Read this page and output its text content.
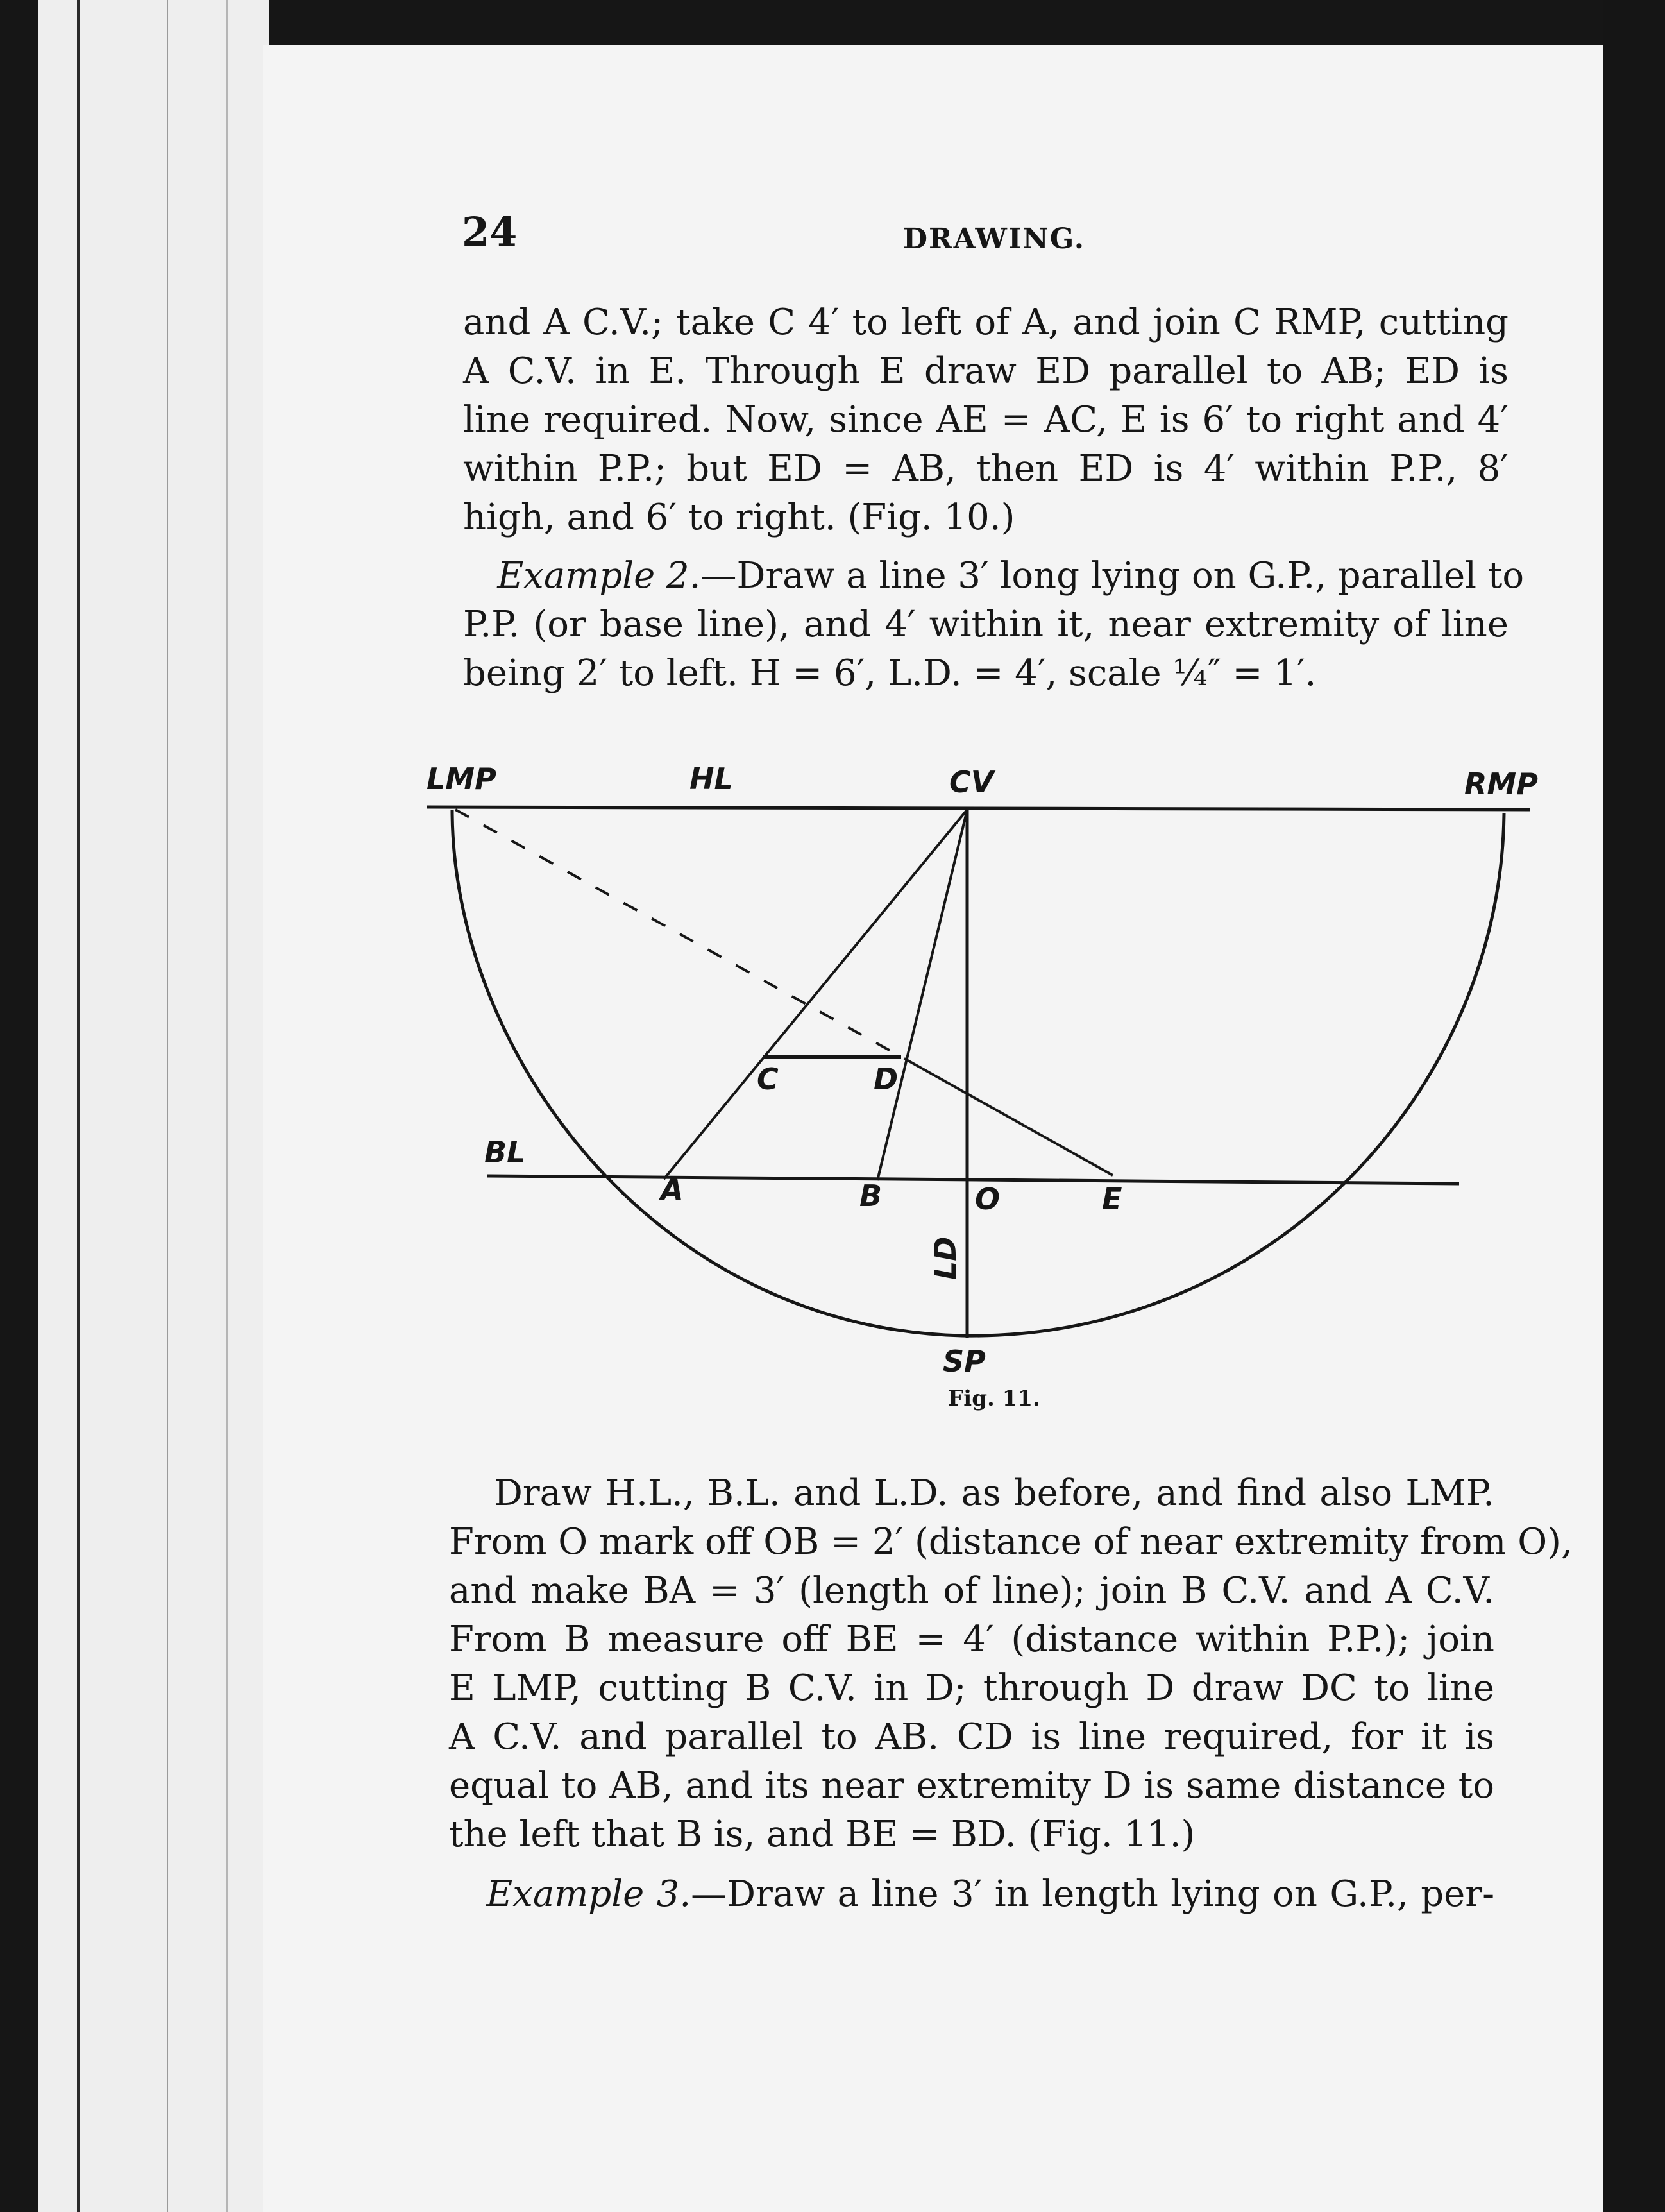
24	DRAWING.
and A C.V.; take C 4′ to left of A, and join C RMP, cutting
A C.V. in E. Through E draw ED parallel to AB; ED is
line required. Now, since AE = AC, E is 6′ to right and 4′
within P.P.; but ED = AB, then ED is 4′ within P.P., 8′
high, and 6′ to right. (Fig. 10.)
Example 2.—Draw a line 3′ long lying on G.P., parallel to
P.P. (or base line), and 4′ within it, near extremity of line
being 2′ to left. H = 6′, L.D. = 4′, scale ¼″ = 1′.
LMP	HL	CV	RMP
BL
C	D
A	B	O	E
LD
SP
Fig. 11.
Draw H.L., B.L. and L.D. as before, and find also LMP.
From O mark off OB = 2′ (distance of near extremity from O),
and make BA = 3′ (length of line); join B C.V. and A C.V.
From B measure off BE = 4′ (distance within P.P.); join
E LMP, cutting B C.V. in D; through D draw DC to line
A C.V. and parallel to AB. CD is line required, for it is
equal to AB, and its near extremity D is same distance to
the left that B is, and BE = BD. (Fig. 11.)
Example 3.—Draw a line 3′ in length lying on G.P., per-
